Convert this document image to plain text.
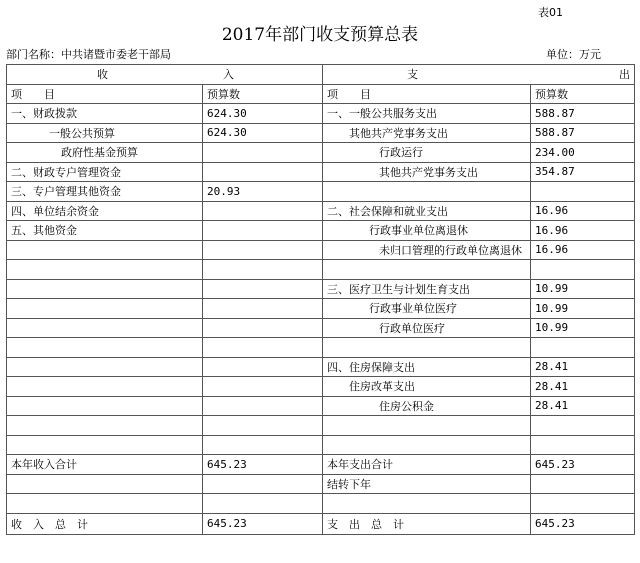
表01
2017年部门收支预算总表
部门名称：中共诸暨市委老干部局	单位：万元
收 入		支 出	

项　　目	预算数	项　　目	预算数
一、财政拨款	624.30	一、一般公共服务支出	588.87
一般公共预算	624.30	其他共产党事务支出	588.87
政府性基金预算		行政运行	234.00
二、财政专户管理资金		其他共产党事务支出	354.87
三、专户管理其他资金	20.93		
四、单位结余资金		二、社会保障和就业支出	16.96
五、其他资金		行政事业单位离退休	16.96
		未归口管理的行政单位离退休	16.96

		三、医疗卫生与计划生育支出	10.99
		行政事业单位医疗	10.99
		行政单位医疗	10.99

		四、住房保障支出	28.41
		住房改革支出	28.41
		住房公积金	28.41

本年收入合计	645.23	本年支出合计	645.23
		结转下年	

收　入　总　计	645.23	支　出　总　计	645.23
